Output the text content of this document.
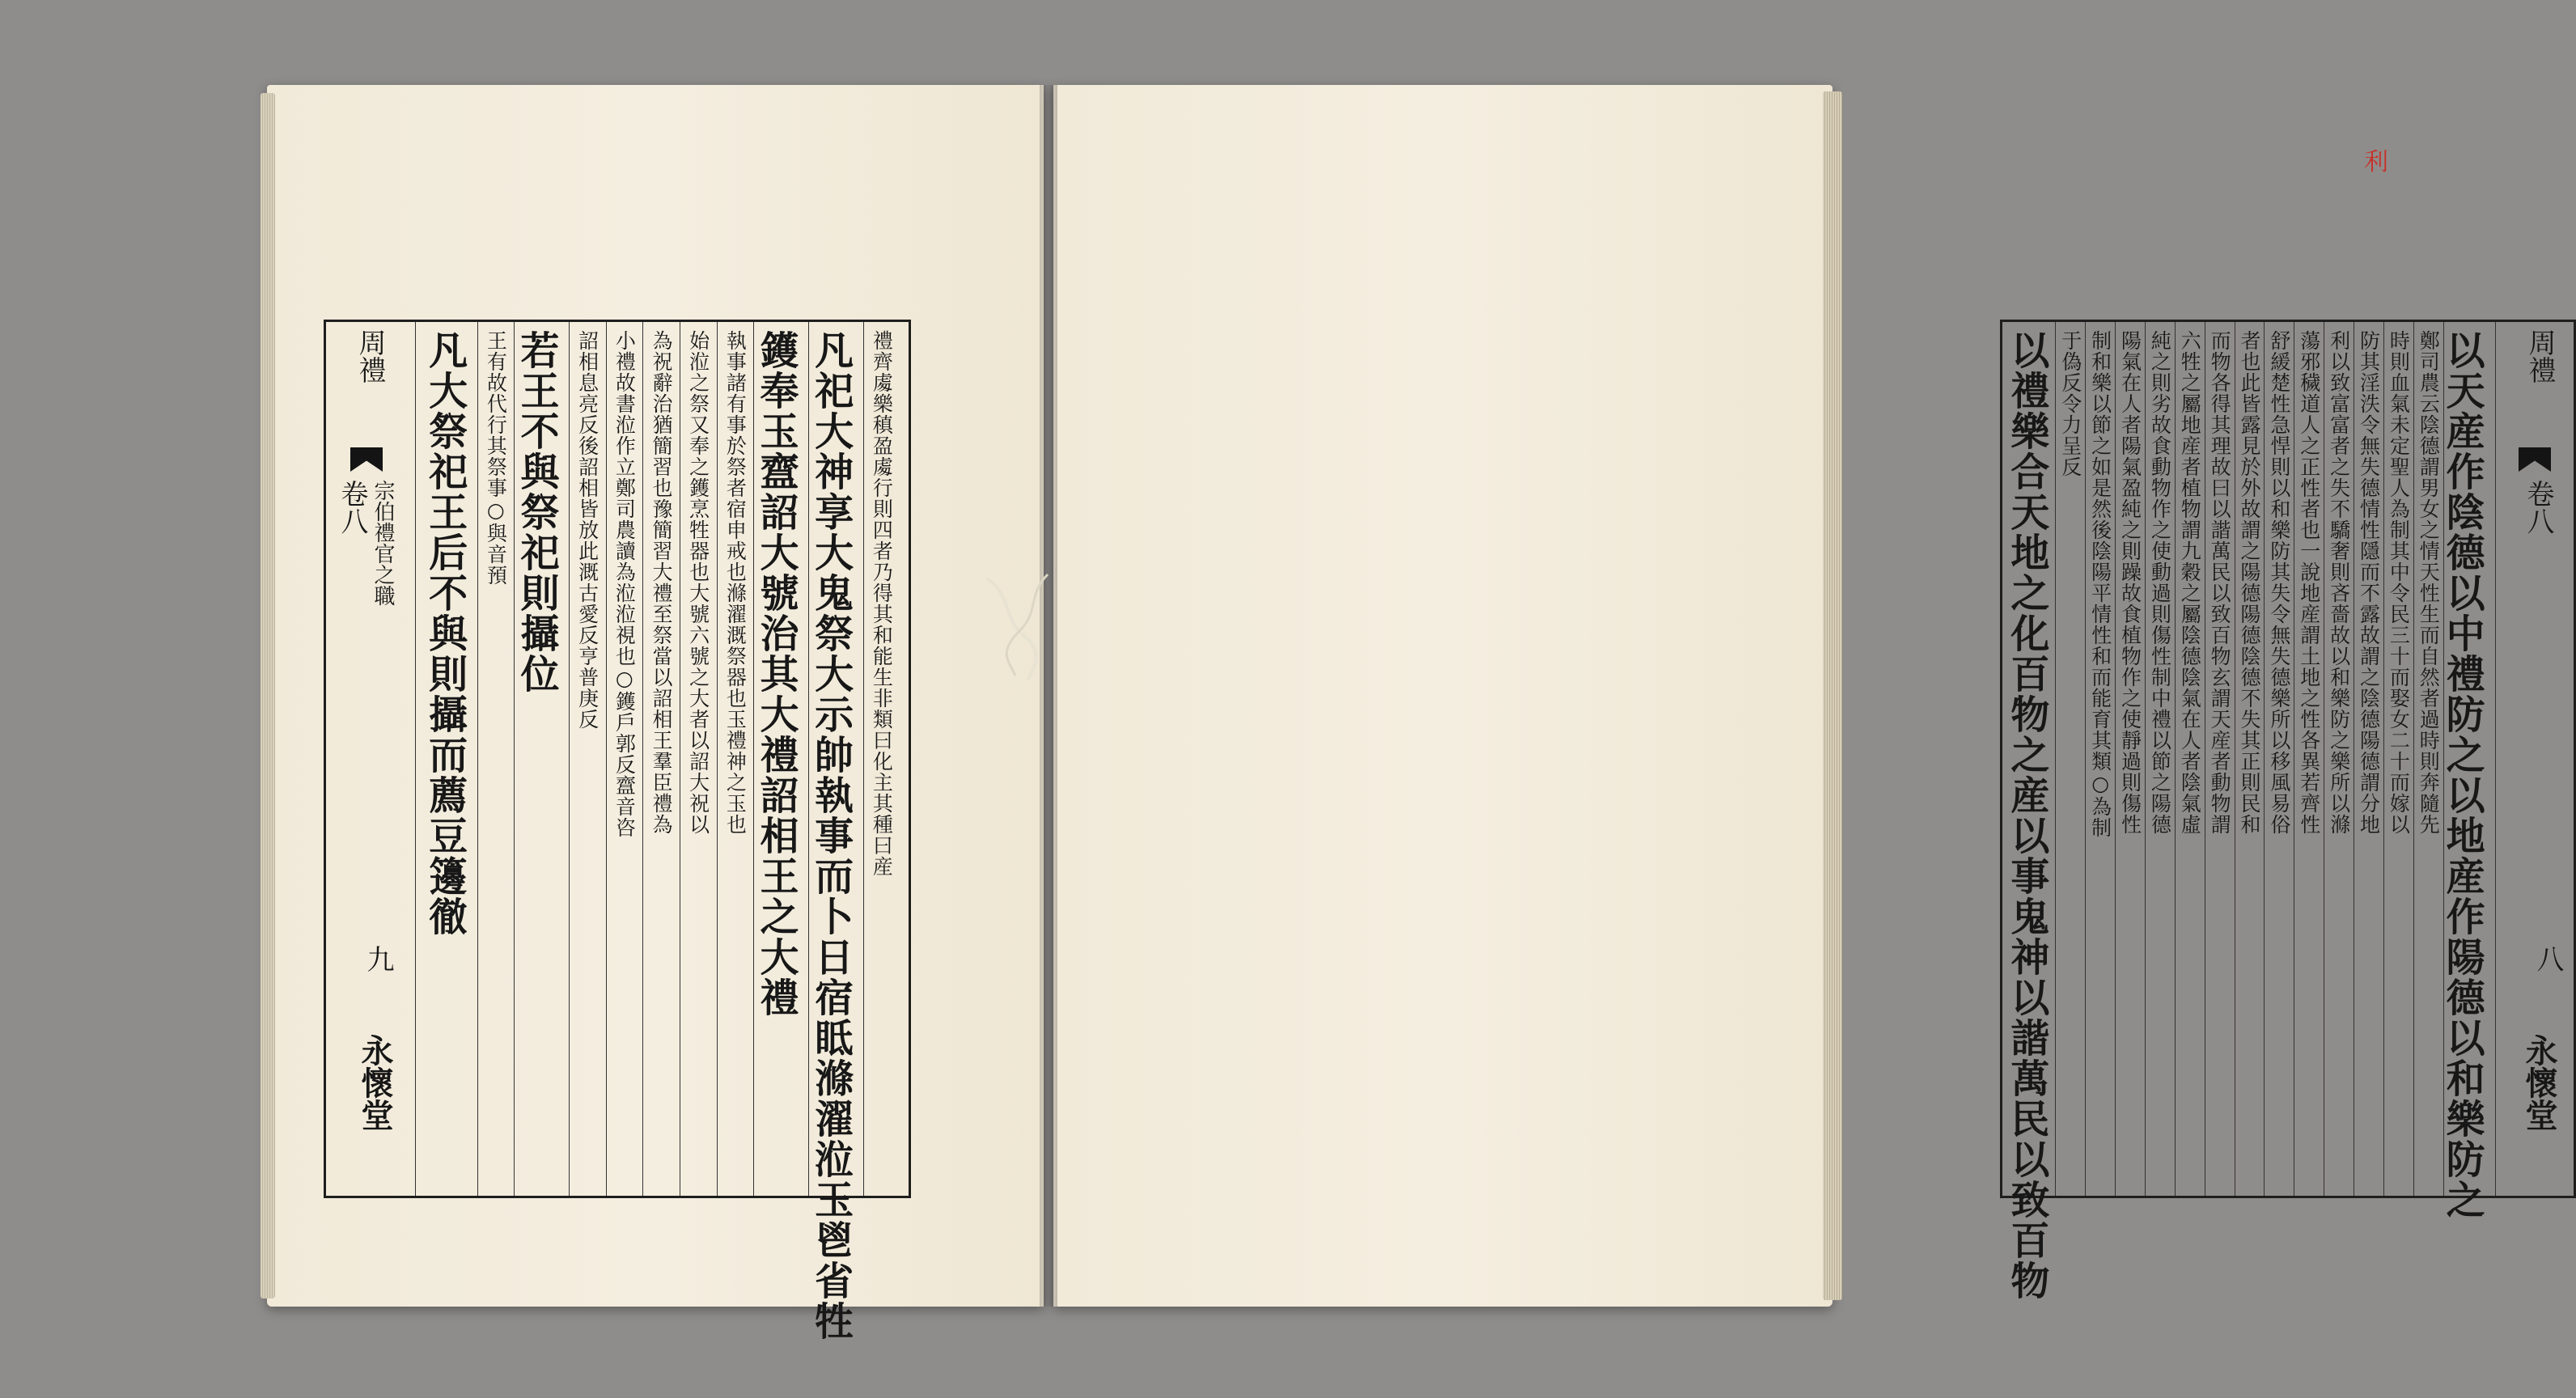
周禮
卷八 宗伯禮官之職
九
永懷堂
禮齊䖏樂稹盈䖏行則四者乃得其和能生非類曰化主其種曰産
凡祀大神享大鬼祭大示帥執事而卜日宿眡滌濯涖玉鬯省牲
鑊奉玉齍詔大號治其大禮詔相王之大禮
執事諸有事於祭者宿申戒也滌濯溉祭器也玉禮神之玉也
始涖之祭又奉之鑊烹牲器也大號六號之大者以詔大祝以
為祝辭治猶簡習也豫簡習大禮至祭當以詔相王羣臣禮為
小禮故書涖作立鄭司農讀為涖涖視也○鑊戶郭反齍音咨
詔相息亮反後詔相皆放此溉古愛反亨普庚反
若王不與祭祀則攝位
王有故代行其祭事○與音預
凡大祭祀王后不與則攝而薦豆籩徹
利
以天産作陰德以中禮防之以地産作陽德以和樂防之
鄭司農云陰德謂男女之情天性生而自然者過時則奔隨先
時則血氣未定聖人為制其中令民三十而娶女二十而嫁以
防其淫泆令無失德情性隱而不露故謂之陰德陽德謂分地
利以致富富者之失不驕奢則吝嗇故以和樂防之樂所以滌
蕩邪穢道人之正性者也一說地産謂土地之性各異若齊性
舒緩楚性急悍則以和樂防其失令無失德樂所以移風易俗
者也此皆露見於外故謂之陽德陽德陰德不失其正則民和
而物各得其理故曰以諧萬民以致百物玄謂天産者動物謂
六牲之屬地産者植物謂九穀之屬陰德陰氣在人者陰氣虛
純之則劣故食動物作之使動過則傷性制中禮以節之陽德
陽氣在人者陽氣盈純之則躁故食植物作之使靜過則傷性
制和樂以節之如是然後陰陽平情性和而能育其類○為制
于偽反令力呈反
以禮樂合天地之化百物之産以事鬼神以諧萬民以致百物	周禮
卷八
八
永懷堂
